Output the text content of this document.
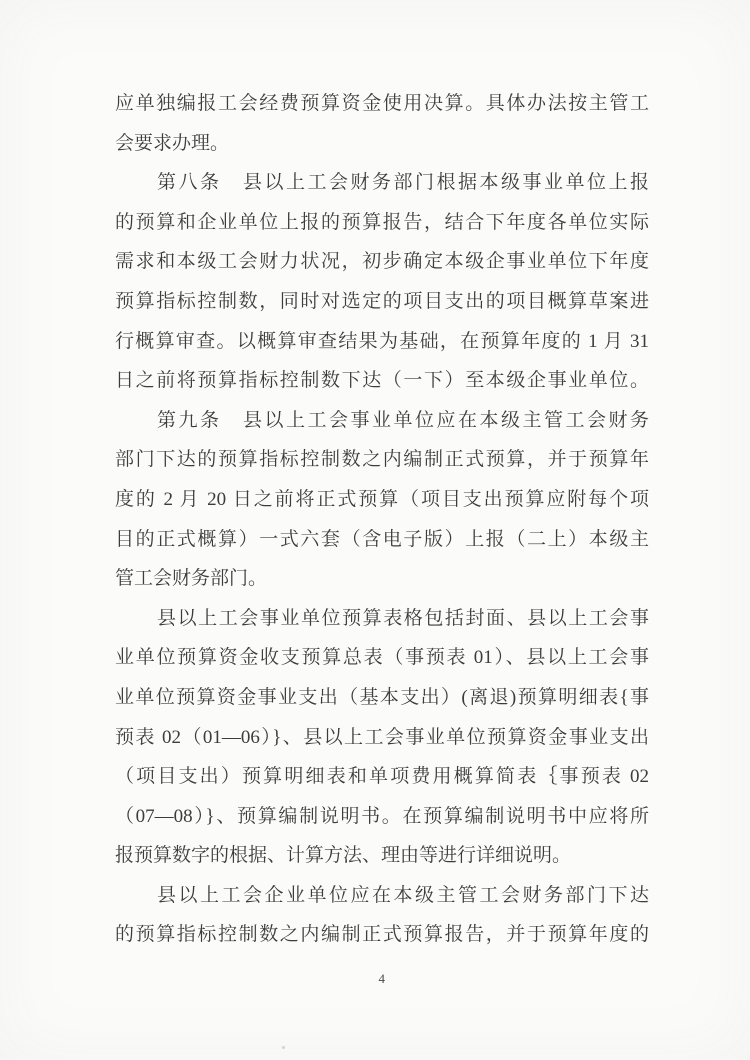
应单独编报工会经费预算资金使用决算。具体办法按主管工

会要求办理。

第八条　县以上工会财务部门根据本级事业单位上报

的预算和企业单位上报的预算报告，结合下年度各单位实际

需求和本级工会财力状况，初步确定本级企事业单位下年度

预算指标控制数，同时对选定的项目支出的项目概算草案进

行概算审查。以概算审查结果为基础，在预算年度的 1 月 31

日之前将预算指标控制数下达（一下）至本级企事业单位。

第九条　县以上工会事业单位应在本级主管工会财务

部门下达的预算指标控制数之内编制正式预算，并于预算年

度的 2 月 20 日之前将正式预算（项目支出预算应附每个项

目的正式概算）一式六套（含电子版）上报（二上）本级主

管工会财务部门。

县以上工会事业单位预算表格包括封面、县以上工会事

业单位预算资金收支预算总表（事预表 01）、县以上工会事

业单位预算资金事业支出（基本支出）(离退)预算明细表{事

预表 02（01—06）}、县以上工会事业单位预算资金事业支出

（项目支出）预算明细表和单项费用概算简表｛事预表 02

（07—08）}、预算编制说明书。在预算编制说明书中应将所

报预算数字的根据、计算方法、理由等进行详细说明。

县以上工会企业单位应在本级主管工会财务部门下达

的预算指标控制数之内编制正式预算报告，并于预算年度的

4
